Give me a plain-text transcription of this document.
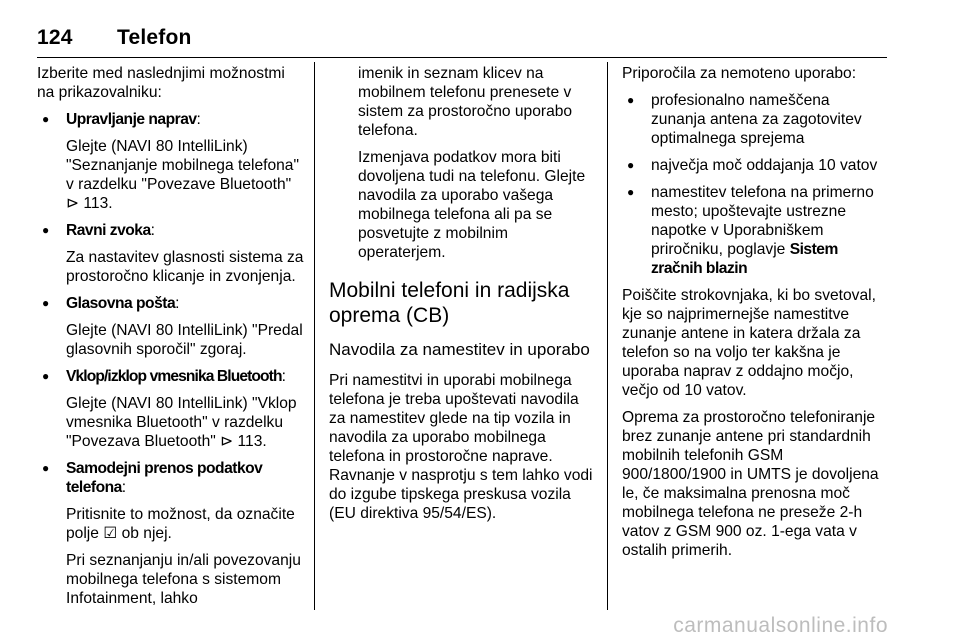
124 Telefon

Izberite med naslednjimi možnostmi na prikazovalniku:

● Upravljanje naprav:

Glejte (NAVI 80 IntelliLink) "Seznanjanje mobilnega telefona" v razdelku "Povezave Bluetooth" ⊳ 113.

● Ravni zvoka:

Za nastavitev glasnosti sistema za prostoročno klicanje in zvonjenja.

● Glasovna pošta:

Glejte (NAVI 80 IntelliLink) "Predal glasovnih sporočil" zgoraj.

● Vklop/izklop vmesnika Bluetooth:

Glejte (NAVI 80 IntelliLink) "Vklop vmesnika Bluetooth" v razdelku "Povezava Bluetooth" ⊳ 113.

● Samodejni prenos podatkov telefona:

Pritisnite to možnost, da označite polje ☑ ob njej.

Pri seznanjanju in/ali povezovanju mobilnega telefona s sistemom Infotainment, lahko

imenik in seznam klicev na mobilnem telefonu prenesete v sistem za prostoročno uporabo telefona.

Izmenjava podatkov mora biti dovoljena tudi na telefonu. Glejte navodila za uporabo vašega mobilnega telefona ali pa se posvetujte z mobilnim operaterjem.

Mobilni telefoni in radijska oprema (CB)
Navodila za namestitev in uporabo

Pri namestitvi in uporabi mobilnega telefona je treba upoštevati navodila za namestitev glede na tip vozila in navodila za uporabo mobilnega telefona in prostoročne naprave. Ravnanje v nasprotju s tem lahko vodi do izgube tipskega preskusa vozila (EU direktiva 95/54/ES).

Priporočila za nemoteno uporabo:

● profesionalno nameščena zunanja antena za zagotovitev optimalnega sprejema
● največja moč oddajanja 10 vatov
● namestitev telefona na primerno mesto; upoštevajte ustrezne napotke v Uporabniškem priročniku, poglavje Sistem zračnih blazin

Poiščite strokovnjaka, ki bo svetoval, kje so najprimernejše namestitve zunanje antene in katera držala za telefon so na voljo ter kakšna je uporaba naprav z oddajno močjo, večjo od 10 vatov.

Oprema za prostoročno telefoniranje brez zunanje antene pri standardnih mobilnih telefonih GSM 900/1800/1900 in UMTS je dovoljena le, če maksimalna prenosna moč mobilnega telefona ne preseže 2-h vatov z GSM 900 oz. 1-ega vata v ostalih primerih.

carmanualsonline.info
